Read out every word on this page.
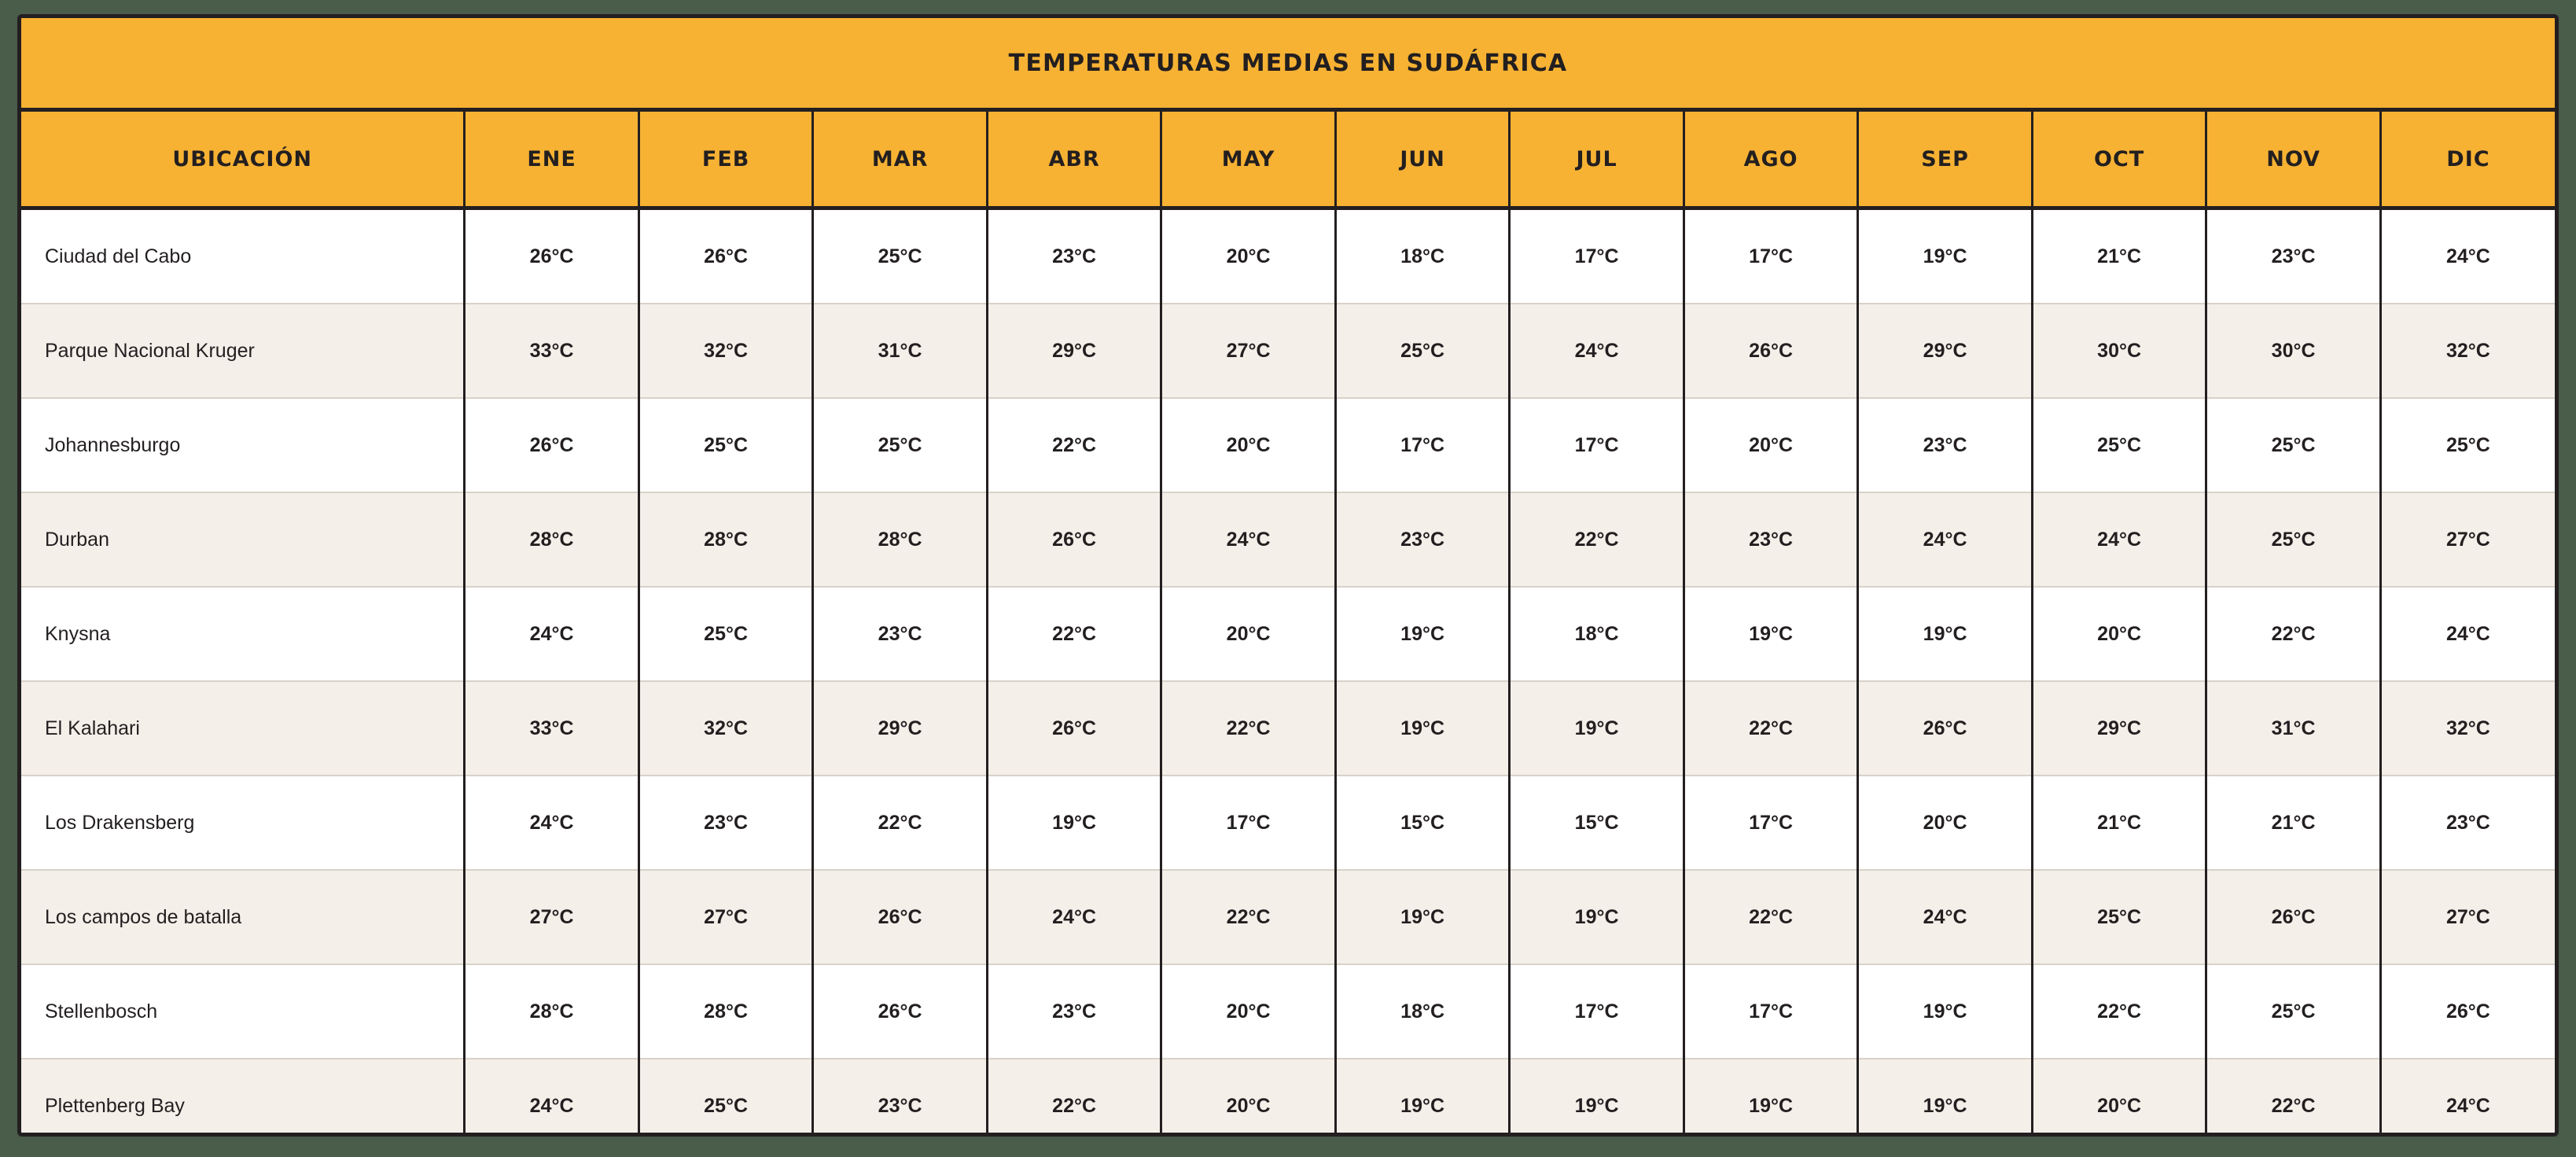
TEMPERATURAS MEDIAS EN SUDÁFRICA												
UBICACIÓN	ENE	FEB	MAR	ABR	MAY	JUN	JUL	AGO	SEP	OCT	NOV	DIC
Ciudad del Cabo	26°C	26°C	25°C	23°C	20°C	18°C	17°C	17°C	19°C	21°C	23°C	24°C
Parque Nacional Kruger	33°C	32°C	31°C	29°C	27°C	25°C	24°C	26°C	29°C	30°C	30°C	32°C
Johannesburgo	26°C	25°C	25°C	22°C	20°C	17°C	17°C	20°C	23°C	25°C	25°C	25°C
Durban	28°C	28°C	28°C	26°C	24°C	23°C	22°C	23°C	24°C	24°C	25°C	27°C
Knysna	24°C	25°C	23°C	22°C	20°C	19°C	18°C	19°C	19°C	20°C	22°C	24°C
El Kalahari	33°C	32°C	29°C	26°C	22°C	19°C	19°C	22°C	26°C	29°C	31°C	32°C
Los Drakensberg	24°C	23°C	22°C	19°C	17°C	15°C	15°C	17°C	20°C	21°C	21°C	23°C
Los campos de batalla	27°C	27°C	26°C	24°C	22°C	19°C	19°C	22°C	24°C	25°C	26°C	27°C
Stellenbosch	28°C	28°C	26°C	23°C	20°C	18°C	17°C	17°C	19°C	22°C	25°C	26°C
Plettenberg Bay	24°C	25°C	23°C	22°C	20°C	19°C	19°C	19°C	19°C	20°C	22°C	24°C
